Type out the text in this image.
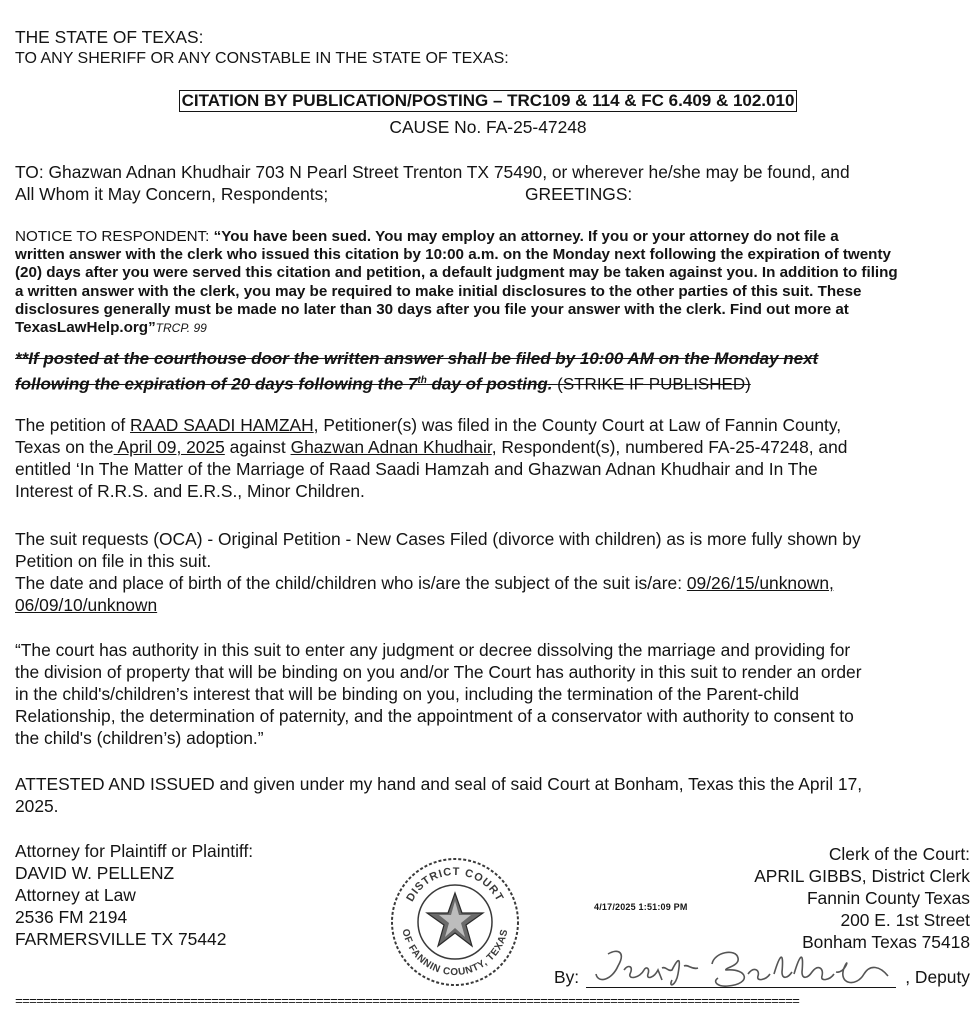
THE STATE OF TEXAS:
TO ANY SHERIFF OR ANY CONSTABLE IN THE STATE OF TEXAS:
CITATION BY PUBLICATION/POSTING – TRC109 & 114 & FC 6.409 & 102.010
CAUSE No. FA-25-47248
TO: Ghazwan Adnan Khudhair 703 N Pearl Street Trenton TX 75490, or wherever he/she may be found, and
All Whom it May Concern, Respondents;	GREETINGS:
NOTICE TO RESPONDENT: “You have been sued. You may employ an attorney. If you or your attorney do not file a
written answer with the clerk who issued this citation by 10:00 a.m. on the Monday next following the expiration of twenty
(20) days after you were served this citation and petition, a default judgment may be taken against you. In addition to filing
a written answer with the clerk, you may be required to make initial disclosures to the other parties of this suit. These
disclosures generally must be made no later than 30 days after you file your answer with the clerk. Find out more at
TexasLawHelp.org”TRCP. 99
**If posted at the courthouse door the written answer shall be filed by 10:00 AM on the Monday next
following the expiration of 20 days following the 7th day of posting. (STRIKE IF PUBLISHED)
The petition of RAAD SAADI HAMZAH, Petitioner(s) was filed in the County Court at Law of Fannin County,
Texas on the April 09, 2025 against Ghazwan Adnan Khudhair, Respondent(s), numbered FA-25-47248, and
entitled ‘In The Matter of the Marriage of Raad Saadi Hamzah and Ghazwan Adnan Khudhair and In The
Interest of R.R.S. and E.R.S., Minor Children.
The suit requests (OCA) - Original Petition - New Cases Filed (divorce with children) as is more fully shown by
Petition on file in this suit.
The date and place of birth of the child/children who is/are the subject of the suit is/are: 09/26/15/unknown,
06/09/10/unknown
“The court has authority in this suit to enter any judgment or decree dissolving the marriage and providing for
the division of property that will be binding on you and/or The Court has authority in this suit to render an order
in the child's/children’s interest that will be binding on you, including the termination of the Parent-child
Relationship, the determination of paternity, and the appointment of a conservator with authority to consent to
the child's (children’s) adoption.”
ATTESTED AND ISSUED and given under my hand and seal of said Court at Bonham, Texas this the April 17,
2025.
Attorney for Plaintiff or Plaintiff:
DAVID W. PELLENZ
Attorney at Law
2536 FM 2194
FARMERSVILLE TX 75442
DISTRICT COURT
OF FANNIN COUNTY, TEXAS
4/17/2025 1:51:09 PM
Clerk of the Court:
APRIL GIBBS, District Clerk
Fannin County Texas
200 E. 1st Street
Bonham Texas 75418
By:	, Deputy
================================================================================================================
